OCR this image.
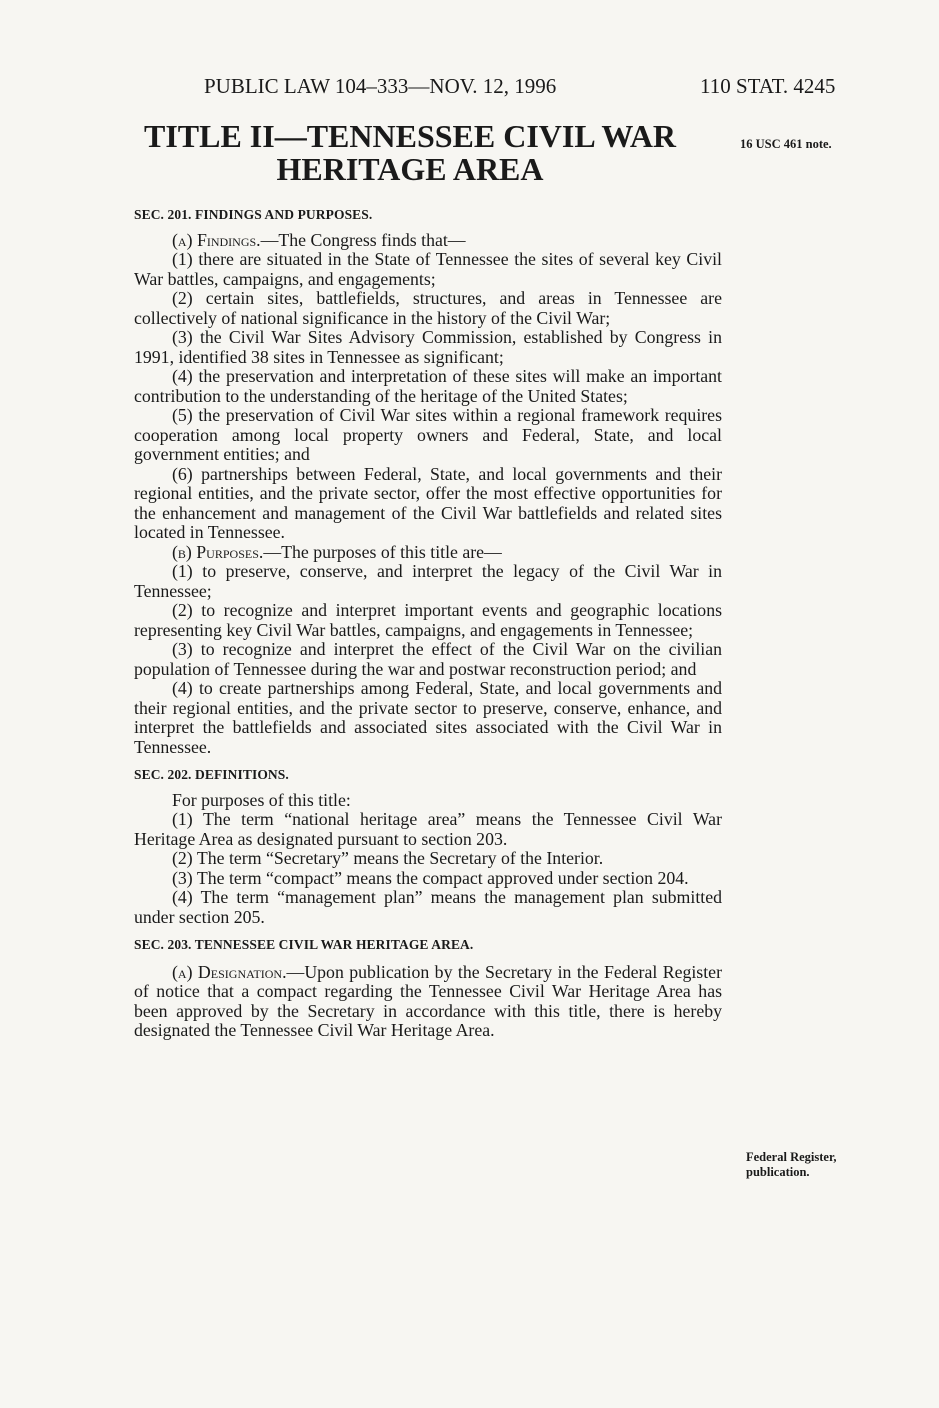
PUBLIC LAW 104–333—NOV. 12, 1996	110 STAT. 4245
TITLE II—TENNESSEE CIVIL WAR
HERITAGE AREA
16 USC 461 note.
Federal Register,
publication.
SEC. 201. FINDINGS AND PURPOSES.

(a) Findings.—The Congress finds that—

(1) there are situated in the State of Tennessee the sites of several key Civil War battles, campaigns, and engagements;

(2) certain sites, battlefields, structures, and areas in Tennessee are collectively of national significance in the history of the Civil War;

(3) the Civil War Sites Advisory Commission, established by Congress in 1991, identified 38 sites in Tennessee as significant;

(4) the preservation and interpretation of these sites will make an important contribution to the understanding of the heritage of the United States;

(5) the preservation of Civil War sites within a regional framework requires cooperation among local property owners and Federal, State, and local government entities; and

(6) partnerships between Federal, State, and local governments and their regional entities, and the private sector, offer the most effective opportunities for the enhancement and management of the Civil War battlefields and related sites located in Tennessee.

(b) Purposes.—The purposes of this title are—

(1) to preserve, conserve, and interpret the legacy of the Civil War in Tennessee;

(2) to recognize and interpret important events and geographic locations representing key Civil War battles, campaigns, and engagements in Tennessee;

(3) to recognize and interpret the effect of the Civil War on the civilian population of Tennessee during the war and postwar reconstruction period; and

(4) to create partnerships among Federal, State, and local governments and their regional entities, and the private sector to preserve, conserve, enhance, and interpret the battlefields and associated sites associated with the Civil War in Tennessee.

SEC. 202. DEFINITIONS.

For purposes of this title:

(1) The term “national heritage area” means the Tennessee Civil War Heritage Area as designated pursuant to section 203.

(2) The term “Secretary” means the Secretary of the Interior.

(3) The term “compact” means the compact approved under section 204.

(4) The term “management plan” means the management plan submitted under section 205.

SEC. 203. TENNESSEE CIVIL WAR HERITAGE AREA.

(a) Designation.—Upon publication by the Secretary in the Federal Register of notice that a compact regarding the Tennessee Civil War Heritage Area has been approved by the Secretary in accordance with this title, there is hereby designated the Tennessee Civil War Heritage Area.
